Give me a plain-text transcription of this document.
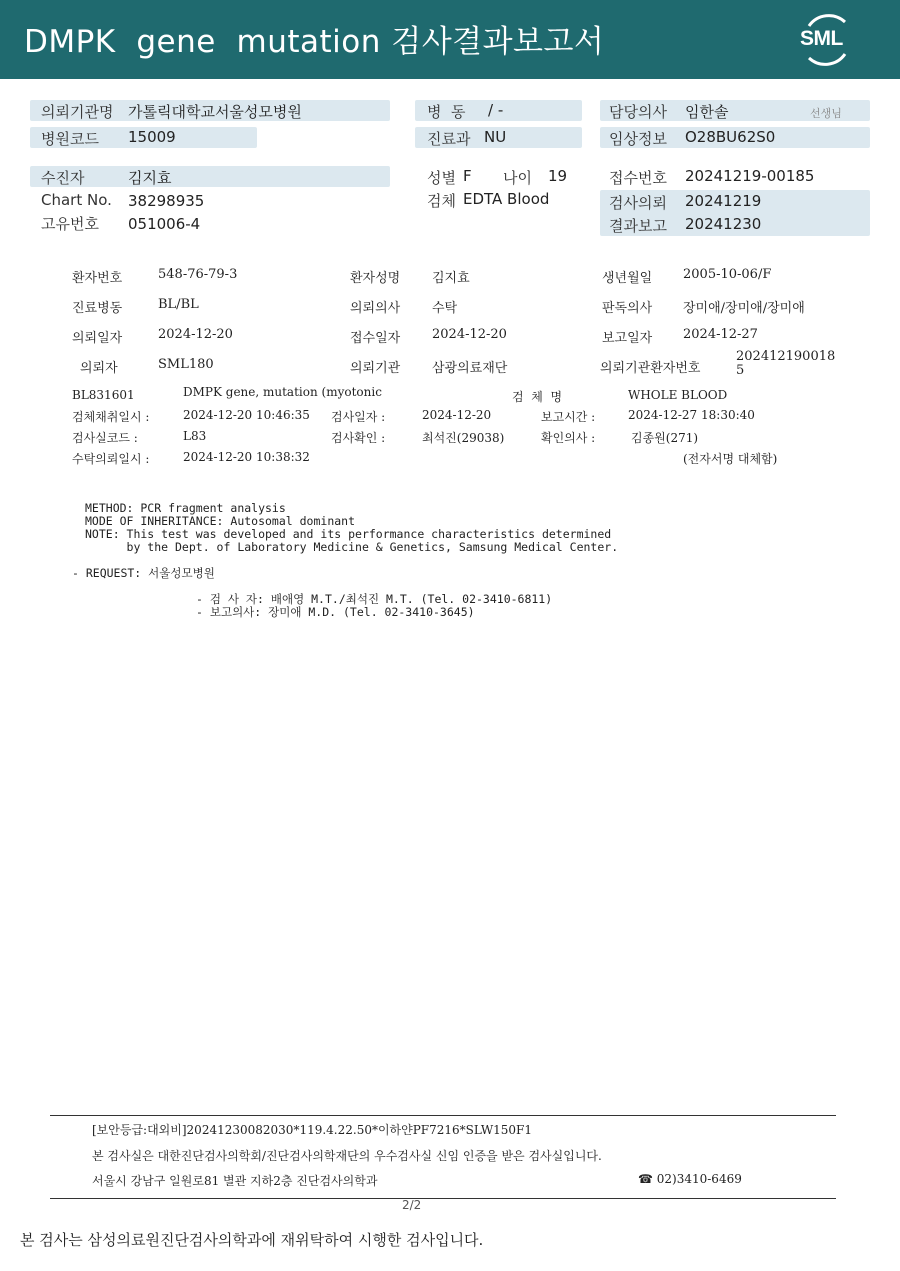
DMPK  gene  mutation 검사결과보고서	SML
의뢰기관명 가톨릭대학교서울성모병원	병  동 / -	담당의사 임한솔	선생님
병원코드 15009	진료과 NU	임상정보 O28BU62S0
수진자	김지효	성별 F 나이 19	접수번호 20241219-00185
Chart No. 38298935	검체 EDTA Blood	검사의뢰 20241219
고유번호 051006-4	결과보고 20241230
환자번호	548-76-79-3	환자성명 김지효	생년월일 2005-10-06/F
진료병동	BL/BL	의뢰의사 수탁	판독의사 장미애/장미애/장미애
의뢰일자	2024-12-20	접수일자 2024-12-20	보고일자 2024-12-27
의뢰자	SML180	의뢰기관 삼광의료재단	의뢰기관환자번호
202412190018
5
BL831601	DMPK gene, mutation (myotonic	검  체  명	WHOLE BLOOD
검체채취일시 :	2024-12-20 10:46:35 검사일자 :	2024-12-20	보고시간 :	2024-12-27 18:30:40
검사실코드 :	L83	검사확인 :	최석진(29038)	확인의사 :	김종원(271)
수탁의뢰일시 :	2024-12-20 10:38:32	(전자서명 대체함)
METHOD: PCR fragment analysis
MODE OF INHERITANCE: Autosomal dominant
NOTE: This test was developed and its performance characteristics determined
by the Dept. of Laboratory Medicine & Genetics, Samsung Medical Center.
- REQUEST: 서울성모병원
- 검 사 자: 배애영 M.T./최석진 M.T. (Tel. 02-3410-6811)
- 보고의사: 장미애 M.D. (Tel. 02-3410-3645)
[보안등급:대외비]20241230082030*119.4.22.50*이하얀PF7216*SLW150F1
본 검사실은 대한진단검사의학회/진단검사의학재단의 우수검사실 신임 인증을 받은 검사실입니다.
서울시 강남구 일원로81 별관 지하2층 진단검사의학과	☎ 02)3410-6469
2/2
본 검사는 삼성의료원진단검사의학과에 재위탁하여 시행한 검사입니다.
